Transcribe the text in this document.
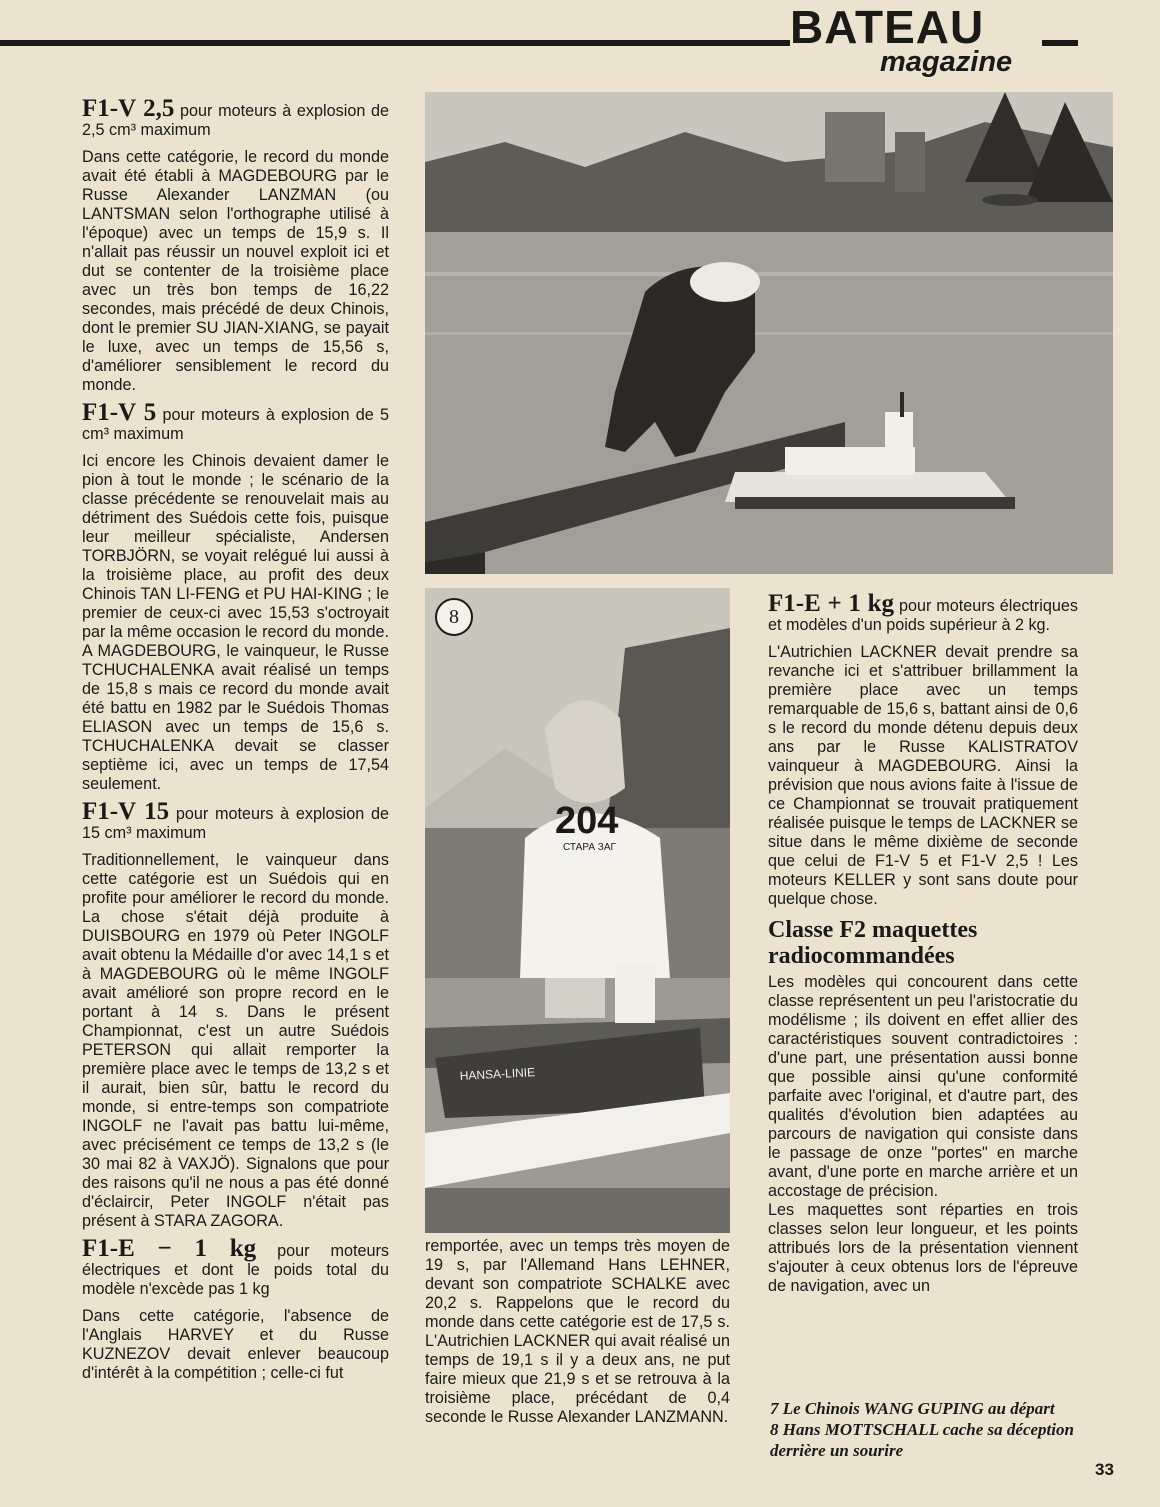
BATEAU
magazine

F1-V 2,5 pour moteurs à explosion de 2,5 cm³ maximum

Dans cette catégorie, le record du monde avait été établi à MAGDEBOURG par le Russe Alexander LANZMAN (ou LANTSMAN selon l'orthographe utilisé à l'époque) avec un temps de 15,9 s. Il n'allait pas réussir un nouvel exploit ici et dut se contenter de la troisième place avec un très bon temps de 16,22 secondes, mais précédé de deux Chinois, dont le premier SU JIAN-XIANG, se payait le luxe, avec un temps de 15,56 s, d'améliorer sensiblement le record du monde.

F1-V 5 pour moteurs à explosion de 5 cm³ maximum

Ici encore les Chinois devaient damer le pion à tout le monde ; le scénario de la classe précédente se renouvelait mais au détriment des Suédois cette fois, puisque leur meilleur spécialiste, Andersen TORBJÖRN, se voyait relégué lui aussi à la troisième place, au profit des deux Chinois TAN LI-FENG et PU HAI-KING ; le premier de ceux-ci avec 15,53 s'octroyait par la même occasion le record du monde. A MAGDEBOURG, le vainqueur, le Russe TCHUCHALENKA avait réalisé un temps de 15,8 s mais ce record du monde avait été battu en 1982 par le Suédois Thomas ELIASON avec un temps de 15,6 s. TCHUCHALENKA devait se classer septième ici, avec un temps de 17,54 seulement.

F1-V 15 pour moteurs à explosion de 15 cm³ maximum

Traditionnellement, le vainqueur dans cette catégorie est un Suédois qui en profite pour améliorer le record du monde. La chose s'était déjà produite à DUISBOURG en 1979 où Peter INGOLF avait obtenu la Médaille d'or avec 14,1 s et à MAGDEBOURG où le même INGOLF avait amélioré son propre record en le portant à 14 s. Dans le présent Championnat, c'est un autre Suédois PETERSON qui allait remporter la première place avec le temps de 13,2 s et il aurait, bien sûr, battu le record du monde, si entre-temps son compatriote INGOLF ne l'avait pas battu lui-même, avec précisément ce temps de 13,2 s (le 30 mai 82 à VAXJÖ). Signalons que pour des raisons qu'il ne nous a pas été donné d'éclaircir, Peter INGOLF n'était pas présent à STARA ZAGORA.

F1-E − 1 kg pour moteurs électriques et dont le poids total du modèle n'excède pas 1 kg

Dans cette catégorie, l'absence de l'Anglais HARVEY et du Russe KUZNEZOV devait enlever beaucoup d'intérêt à la compétition ; celle-ci fut

204
СТАРА ЗАГ
HANSA-LINIE
8

remportée, avec un temps très moyen de 19 s, par l'Allemand Hans LEHNER, devant son compatriote SCHALKE avec 20,2 s. Rappelons que le record du monde dans cette catégorie est de 17,5 s. L'Autrichien LACKNER qui avait réalisé un temps de 19,1 s il y a deux ans, ne put faire mieux que 21,9 s et se retrouva à la troisième place, précédant de 0,4 seconde le Russe Alexander LANZMANN.

F1-E + 1 kg pour moteurs électriques et modèles d'un poids supérieur à 2 kg.

L'Autrichien LACKNER devait prendre sa revanche ici et s'attribuer brillamment la première place avec un temps remarquable de 15,6 s, battant ainsi de 0,6 s le record du monde détenu depuis deux ans par le Russe KALISTRATOV vainqueur à MAGDEBOURG. Ainsi la prévision que nous avions faite à l'issue de ce Championnat se trouvait pratiquement réalisée puisque le temps de LACKNER se situe dans le même dixième de seconde que celui de F1-V 5 et F1-V 2,5 ! Les moteurs KELLER y sont sans doute pour quelque chose.

Classe F2 maquettes radiocommandées

Les modèles qui concourent dans cette classe représentent un peu l'aristocratie du modélisme ; ils doivent en effet allier des caractéristiques souvent contradictoires : d'une part, une présentation aussi bonne que possible ainsi qu'une conformité parfaite avec l'original, et d'autre part, des qualités d'évolution bien adaptées au parcours de navigation qui consiste dans le passage de onze "portes" en marche avant, d'une porte en marche arrière et un accostage de précision.

Les maquettes sont réparties en trois classes selon leur longueur, et les points attribués lors de la présentation viennent s'ajouter à ceux obtenus lors de l'épreuve de navigation, avec un

7 Le Chinois WANG GUPING au départ
8 Hans MOTTSCHALL cache sa déception
derrière un sourire
33
